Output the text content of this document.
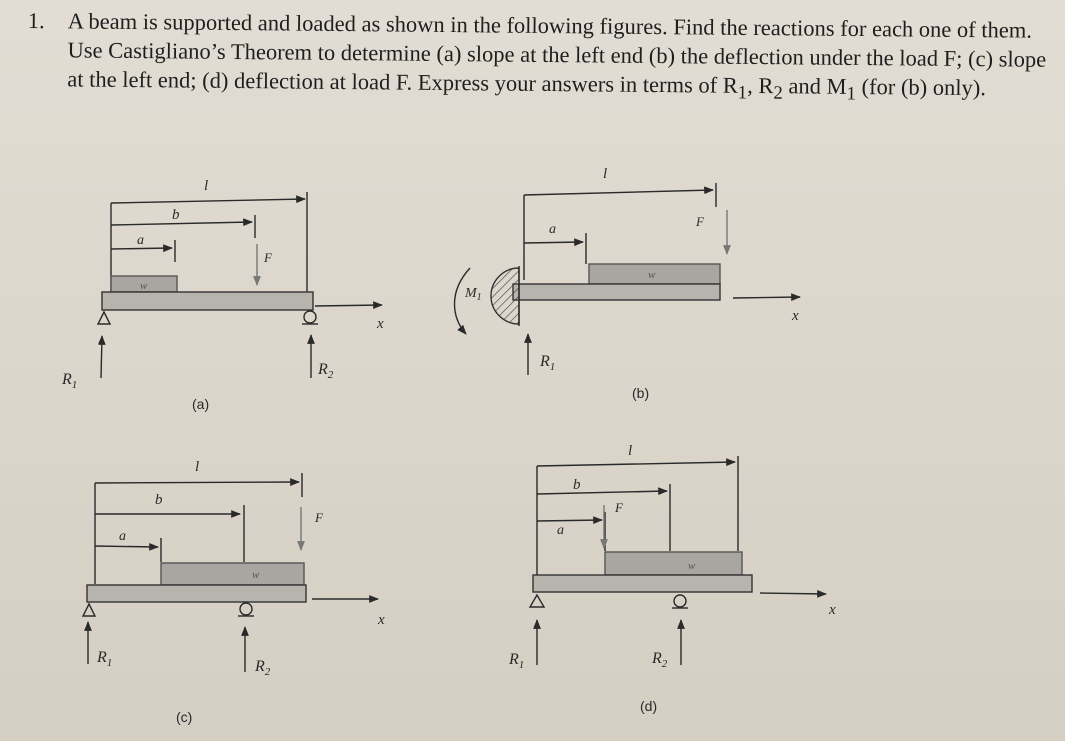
1. A beam is supported and loaded as shown in the following figures. Find the reactions for each one of them. Use Castigliano’s Theorem to determine (a) slope at the left end (b) the deflection under the load F; (c) slope at the left end; (d) deflection at load F. Express your answers in terms of $R_1$, $R_2$ and $M_1$ (for (b) only).
l
b
a
F
w
x
$R_1$
$R_2$
(a)
l
a
F
w
$M_1$
x
$R_1$
(b)
l
b
a
F
w
x
$R_1$	$R_2$
(c)
l
b
a
F
w
x
$R_1$	$R_2$
(d)
